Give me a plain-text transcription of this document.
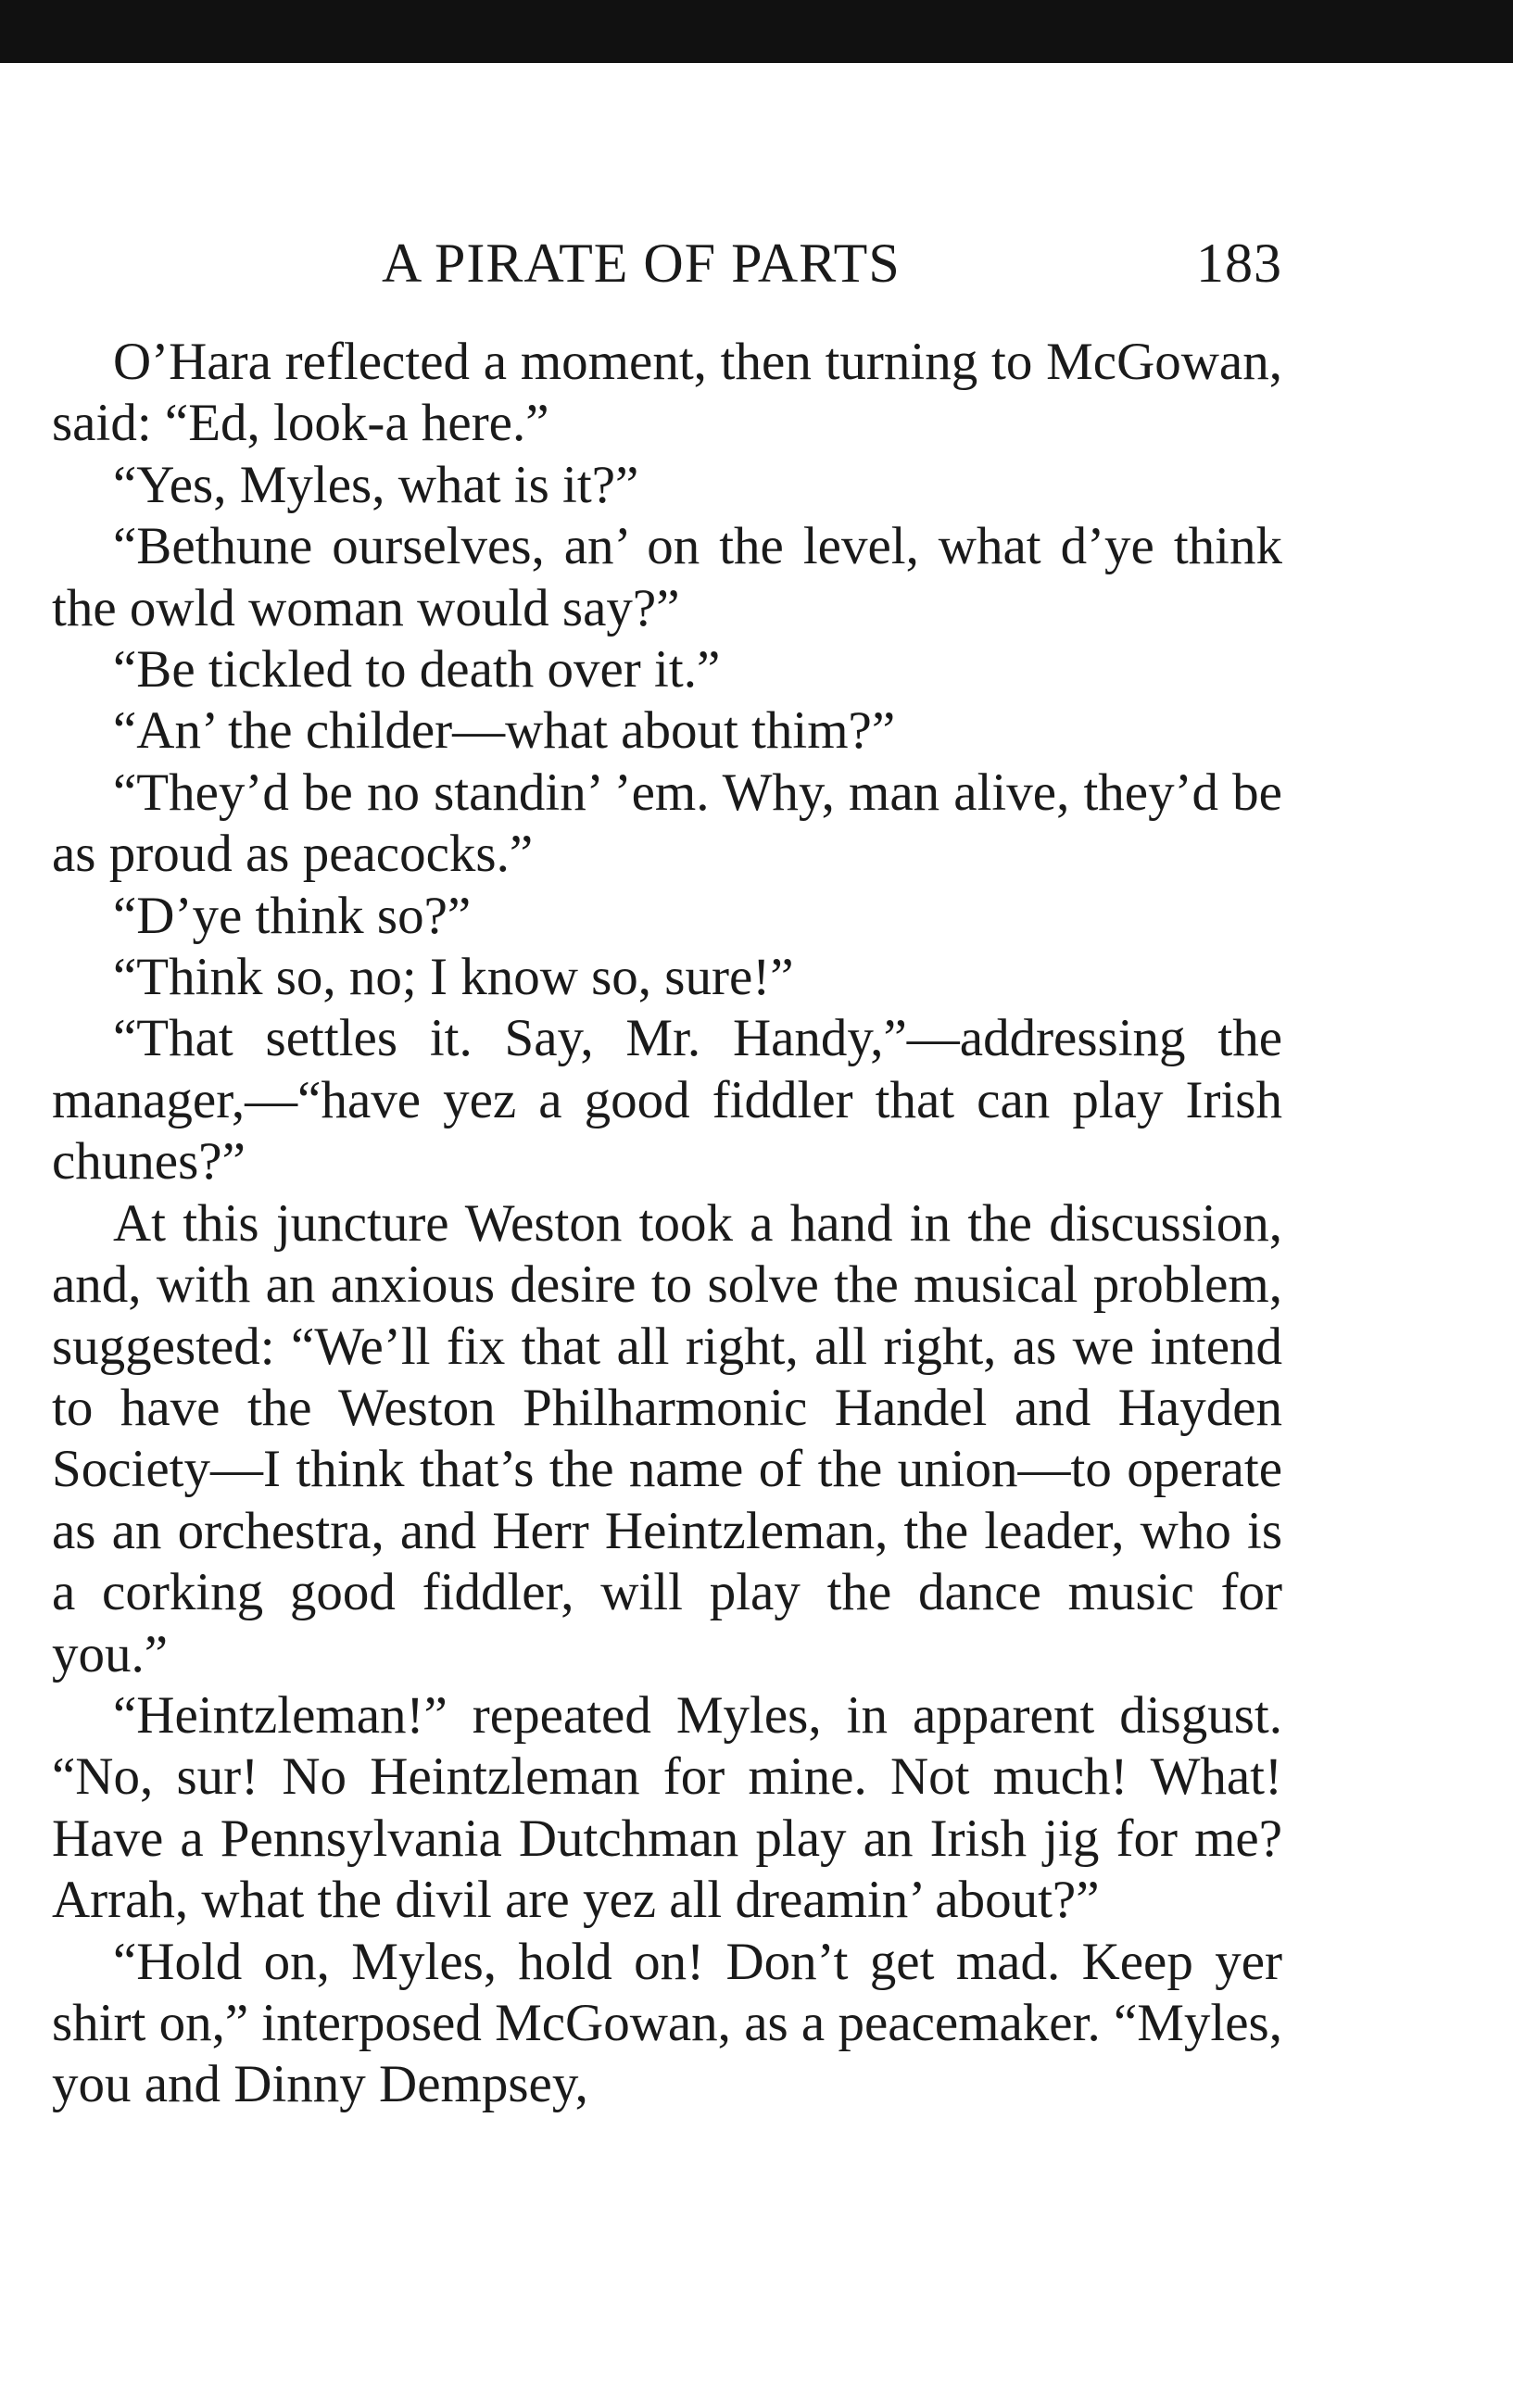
A PIRATE OF PARTS	183

O’Hara reflected a moment, then turning to McGowan, said: “Ed, look-a here.”

“Yes, Myles, what is it?”

“Bethune ourselves, an’ on the level, what d’ye think the owld woman would say?”

“Be tickled to death over it.”

“An’ the childer—what about thim?”

“They’d be no standin’ ’em. Why, man alive, they’d be as proud as peacocks.”

“D’ye think so?”

“Think so, no; I know so, sure!”

“That settles it. Say, Mr. Handy,”—addressing the manager,—“have yez a good fiddler that can play Irish chunes?”

At this juncture Weston took a hand in the discussion, and, with an anxious desire to solve the musical problem, suggested: “We’ll fix that all right, all right, as we intend to have the Weston Philharmonic Handel and Hayden Society—I think that’s the name of the union—to operate as an orchestra, and Herr Heintzleman, the leader, who is a corking good fiddler, will play the dance music for you.”

“Heintzleman!” repeated Myles, in apparent disgust. “No, sur! No Heintzleman for mine. Not much! What! Have a Pennsylvania Dutchman play an Irish jig for me? Arrah, what the divil are yez all dreamin’ about?”

“Hold on, Myles, hold on! Don’t get mad. Keep yer shirt on,” interposed McGowan, as a peacemaker. “Myles, you and Dinny Dempsey,
